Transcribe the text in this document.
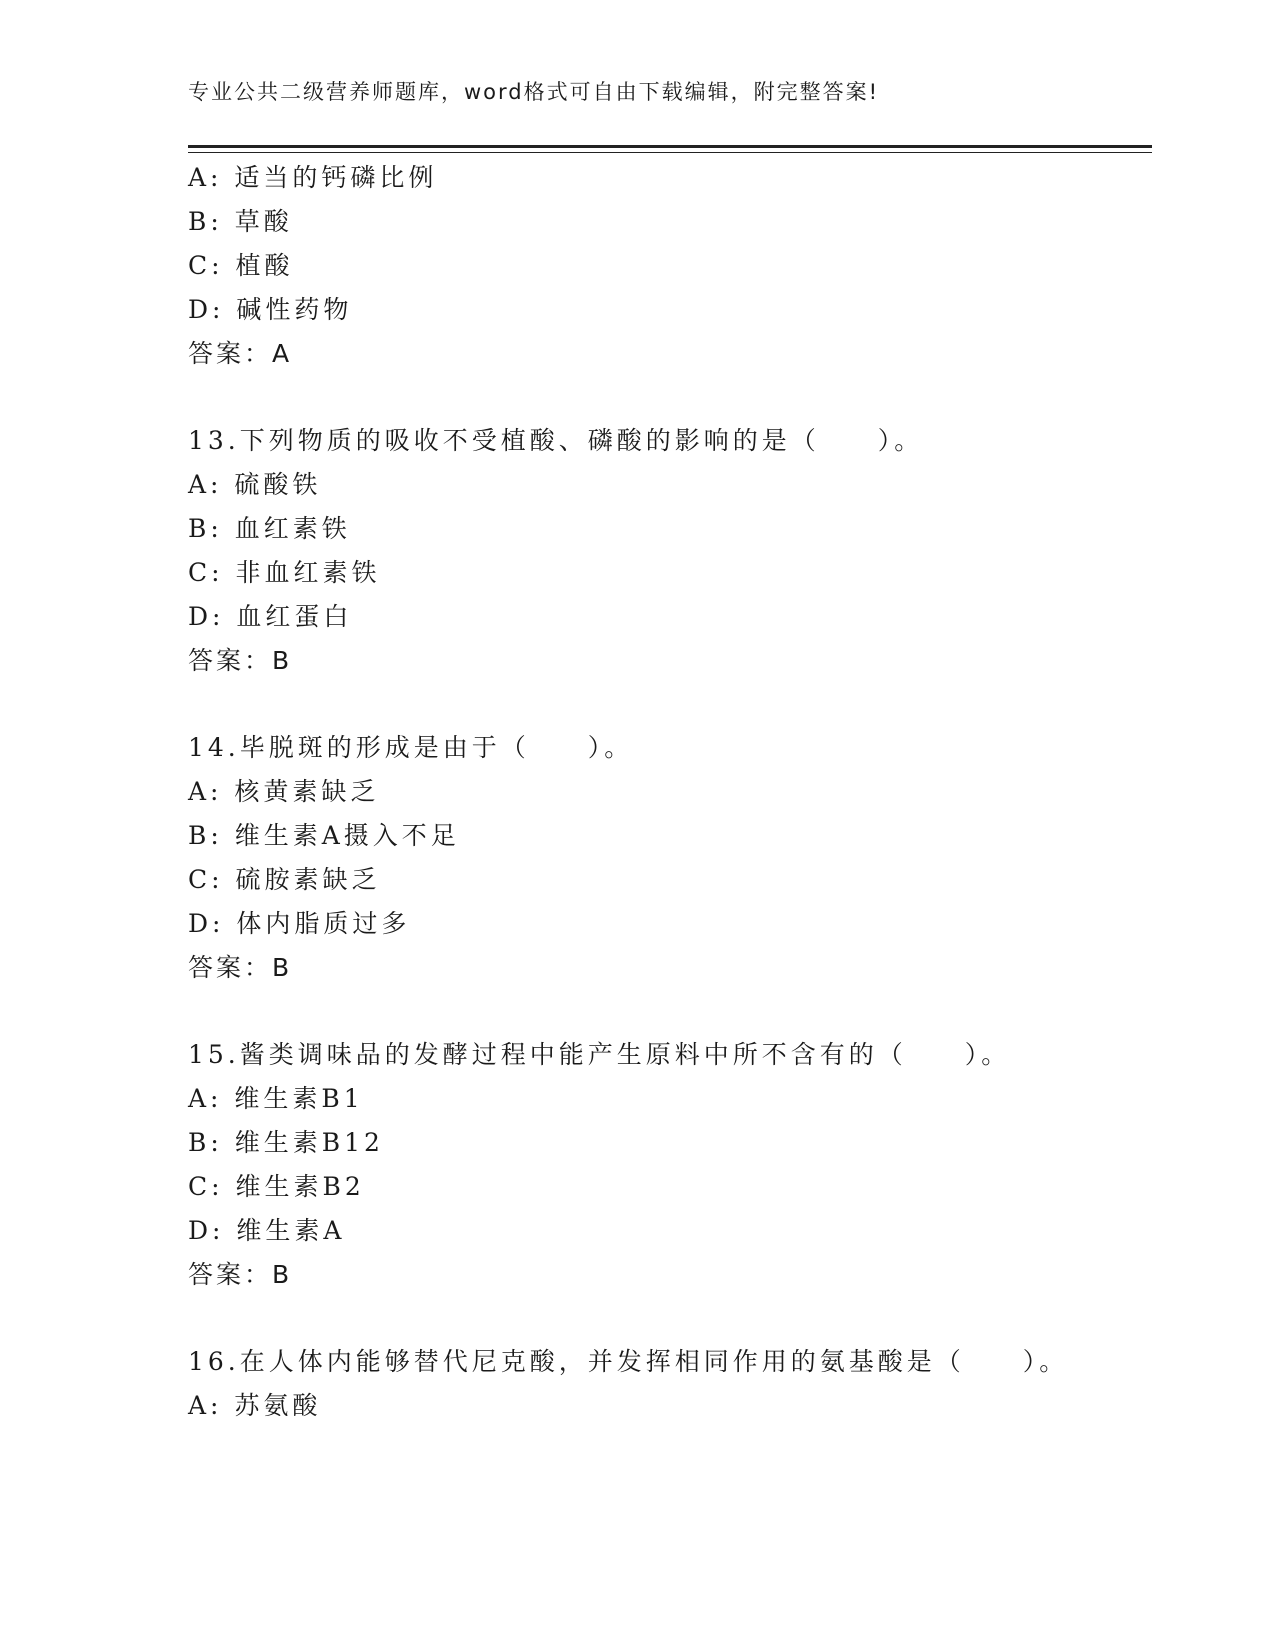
专业公共二级营养师题库，word格式可自由下载编辑，附完整答案!
A: 适当的钙磷比例
B: 草酸
C: 植酸
D: 碱性药物
答案：A
13.下列物质的吸收不受植酸、磷酸的影响的是（　　）。
A: 硫酸铁
B: 血红素铁
C: 非血红素铁
D: 血红蛋白
答案：B
14.毕脱斑的形成是由于（　　）。
A: 核黄素缺乏
B: 维生素A摄入不足
C: 硫胺素缺乏
D: 体内脂质过多
答案：B
15.酱类调味品的发酵过程中能产生原料中所不含有的（　　）。
A: 维生素B1
B: 维生素B12
C: 维生素B2
D: 维生素A
答案：B
16.在人体内能够替代尼克酸，并发挥相同作用的氨基酸是（　　）。
A: 苏氨酸
